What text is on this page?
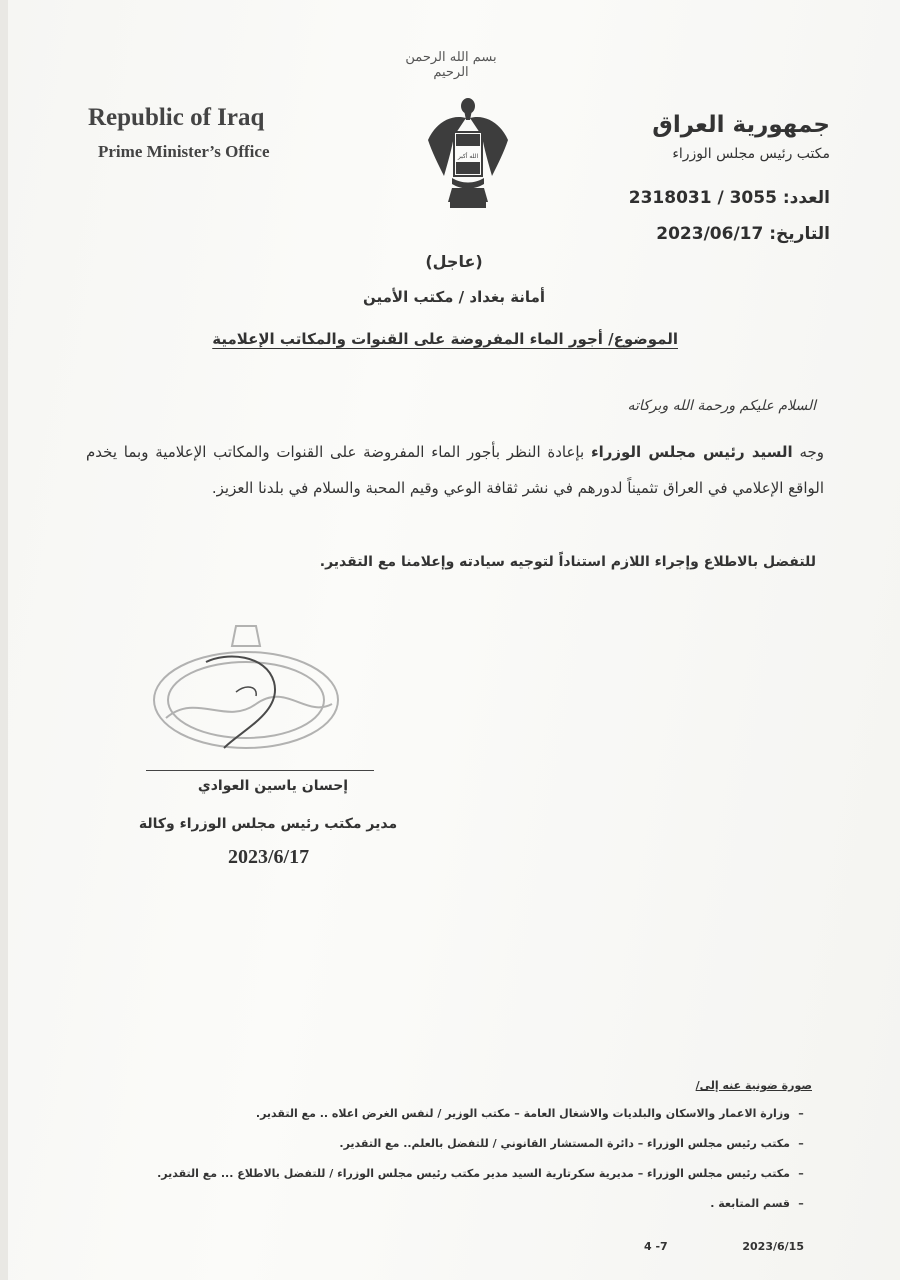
بسم الله الرحمن الرحيم
Republic of Iraq
Prime Minister’s Office	الله أكبر
جمهورية العراق
مكتب رئيس مجلس الوزراء
العدد: 2318031 / 3055
التاريخ: 2023/06/17
(عاجل)
أمانة بغداد / مكتب الأمين
الموضوع/ أجور الماء المفروضة على القنوات والمكاتب الإعلامية
السلام عليكم ورحمة الله وبركاته
وجه السيد رئيس مجلس الوزراء بإعادة النظر بأجور الماء المفروضة على القنوات والمكاتب الإعلامية وبما يخدم الواقع الإعلامي في العراق تثميناً لدورهم في نشر ثقافة الوعي وقيم المحبة والسلام في بلدنا العزيز.
للتفضل بالاطلاع وإجراء اللازم استناداً لتوجيه سيادته وإعلامنا مع التقدير.
إحسان ياسين العوادي
مدير مكتب رئيس مجلس الوزراء وكالة
2023/6/17
صورة ضونية عنه إلى/
–وزارة الاعمار والاسكان والبلديات والاشغال العامة – مكتب الوزير / لنفس الغرض اعلاه .. مع التقدير.
–مكتب رئيس مجلس الوزراء – دائرة المستشار القانوني / للتفضل بالعلم.. مع التقدير.
–مكتب رئيس مجلس الوزراء – مديرية سكرتارية السيد مدير مكتب رئيس مجلس الوزراء / للتفضل بالاطلاع ... مع التقدير.
–قسم المتابعة .
4 -7	2023/6/15
